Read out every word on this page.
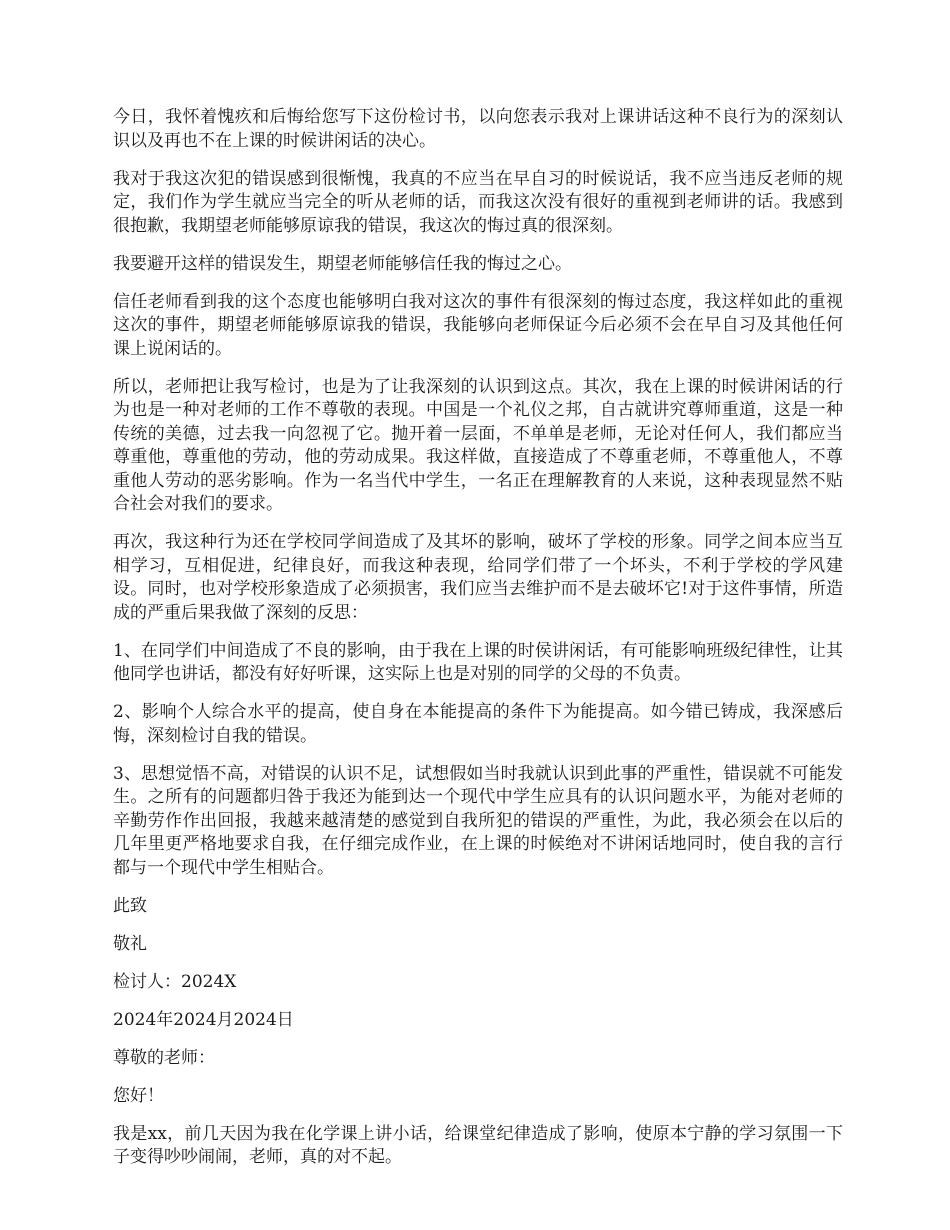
今日，我怀着愧疚和后悔给您写下这份检讨书，以向您表示我对上课讲话这种不良行为的深刻认识以及再也不在上课的时候讲闲话的决心。

我对于我这次犯的错误感到很惭愧，我真的不应当在早自习的时候说话，我不应当违反老师的规定，我们作为学生就应当完全的听从老师的话，而我这次没有很好的重视到老师讲的话。我感到很抱歉，我期望老师能够原谅我的错误，我这次的悔过真的很深刻。

我要避开这样的错误发生，期望老师能够信任我的悔过之心。

信任老师看到我的这个态度也能够明白我对这次的事件有很深刻的悔过态度，我这样如此的重视这次的事件，期望老师能够原谅我的错误，我能够向老师保证今后必须不会在早自习及其他任何课上说闲话的。

所以，老师把让我写检讨，也是为了让我深刻的认识到这点。其次，我在上课的时候讲闲话的行为也是一种对老师的工作不尊敬的表现。中国是一个礼仪之邦，自古就讲究尊师重道，这是一种传统的美德，过去我一向忽视了它。抛开着一层面，不单单是老师，无论对任何人，我们都应当尊重他，尊重他的劳动，他的劳动成果。我这样做，直接造成了不尊重老师，不尊重他人，不尊重他人劳动的恶劣影响。作为一名当代中学生，一名正在理解教育的人来说，这种表现显然不贴合社会对我们的要求。

再次，我这种行为还在学校同学间造成了及其坏的影响，破坏了学校的形象。同学之间本应当互相学习，互相促进，纪律良好，而我这种表现，给同学们带了一个坏头，不利于学校的学风建设。同时，也对学校形象造成了必须损害，我们应当去维护而不是去破坏它!对于这件事情，所造成的严重后果我做了深刻的反思：

1、在同学们中间造成了不良的影响，由于我在上课的时侯讲闲话，有可能影响班级纪律性，让其他同学也讲话，都没有好好听课，这实际上也是对别的同学的父母的不负责。

2、影响个人综合水平的提高，使自身在本能提高的条件下为能提高。如今错已铸成，我深感后悔，深刻检讨自我的错误。

3、思想觉悟不高，对错误的认识不足，试想假如当时我就认识到此事的严重性，错误就不可能发生。之所有的问题都归咎于我还为能到达一个现代中学生应具有的认识问题水平，为能对老师的辛勤劳作作出回报，我越来越清楚的感觉到自我所犯的错误的严重性，为此，我必须会在以后的几年里更严格地要求自我，在仔细完成作业，在上课的时候绝对不讲闲话地同时，使自我的言行都与一个现代中学生相贴合。

此致

敬礼

检讨人：2024X

2024年2024月2024日

尊敬的老师：

您好！

我是xx，前几天因为我在化学课上讲小话，给课堂纪律造成了影响，使原本宁静的学习氛围一下子变得吵吵闹闹，老师，真的对不起。
